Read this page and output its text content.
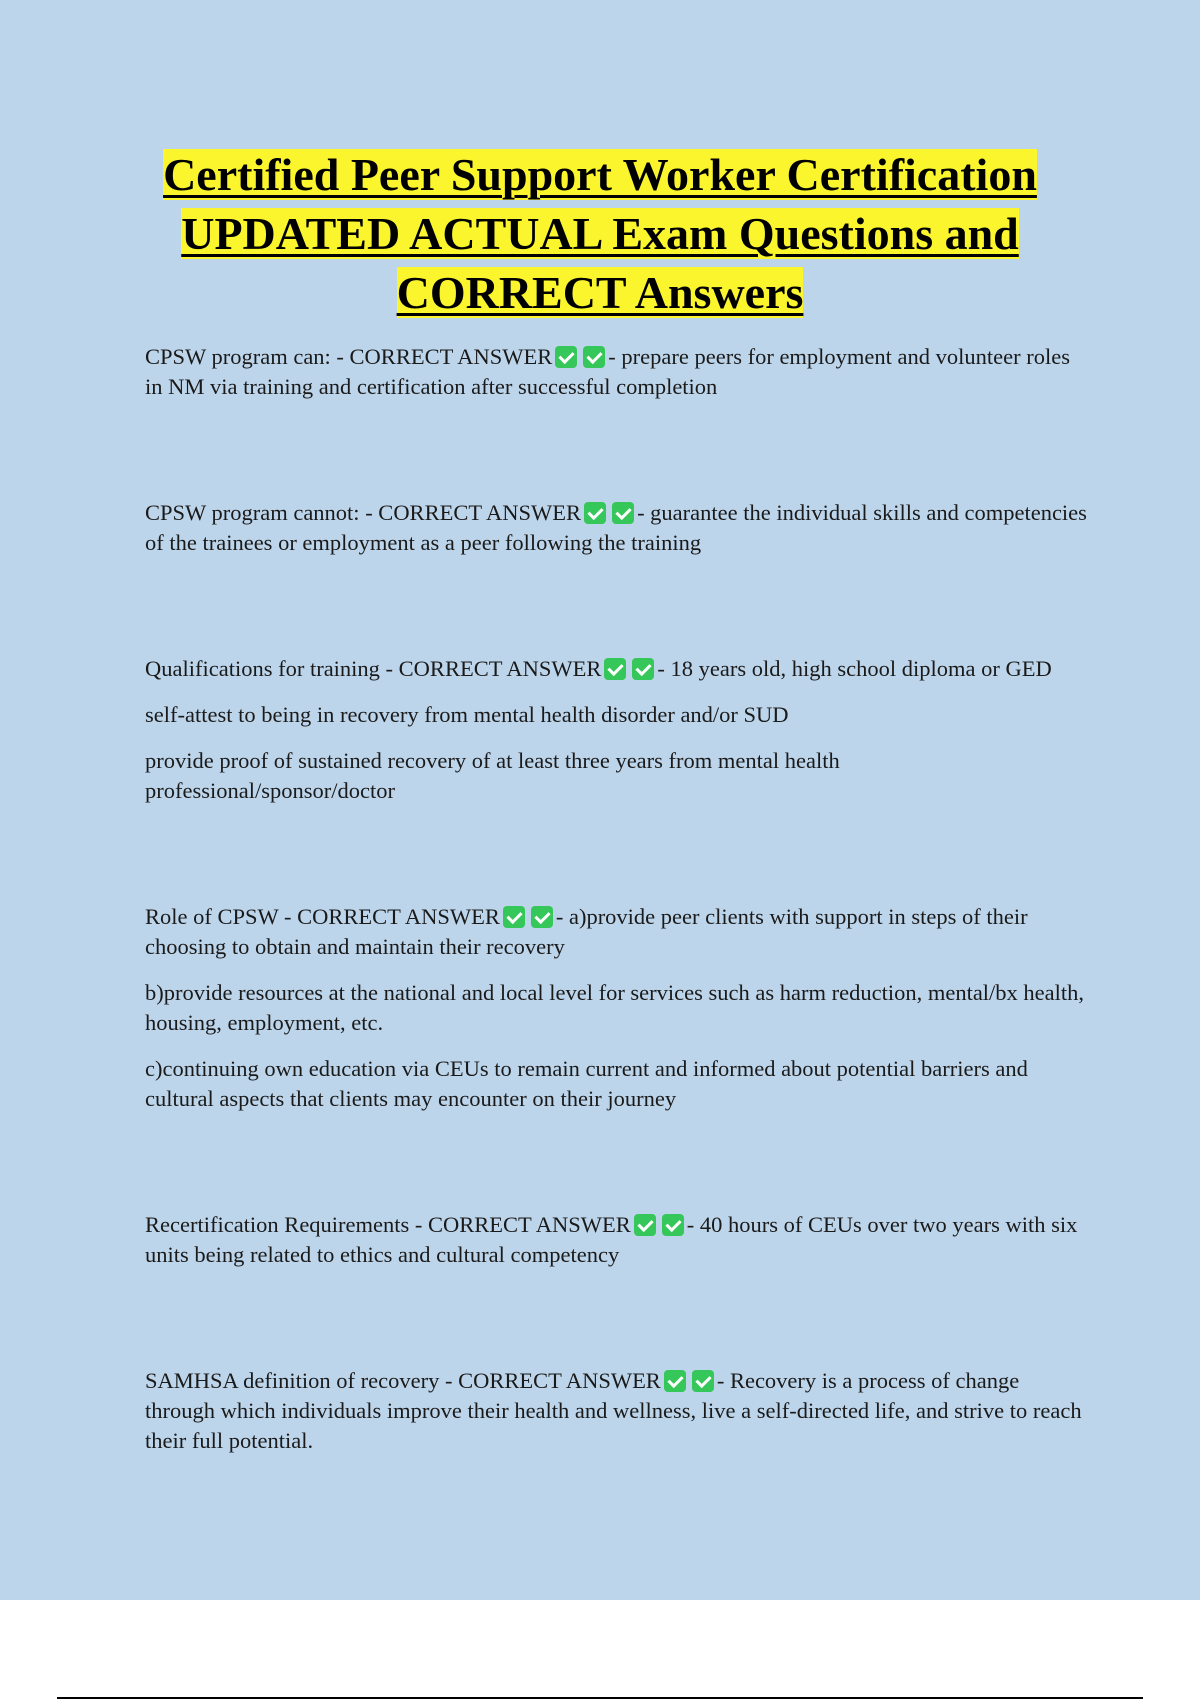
Certified Peer Support Worker Certification
UPDATED ACTUAL Exam Questions and
CORRECT Answers

CPSW program can: - CORRECT ANSWER - prepare peers for employment and volunteer roles in NM via training and certification after successful completion

CPSW program cannot: - CORRECT ANSWER - guarantee the individual skills and competencies of the trainees or employment as a peer following the training

Qualifications for training - CORRECT ANSWER - 18 years old, high school diploma or GED

self-attest to being in recovery from mental health disorder and/or SUD

provide proof of sustained recovery of at least three years from mental health professional/sponsor/doctor

Role of CPSW - CORRECT ANSWER - a)provide peer clients with support in steps of their choosing to obtain and maintain their recovery

b)provide resources at the national and local level for services such as harm reduction, mental/bx health, housing, employment, etc.

c)continuing own education via CEUs to remain current and informed about potential barriers and cultural aspects that clients may encounter on their journey

Recertification Requirements - CORRECT ANSWER - 40 hours of CEUs over two years with six units being related to ethics and cultural competency

SAMHSA definition of recovery - CORRECT ANSWER - Recovery is a process of change through which individuals improve their health and wellness, live a self-directed life, and strive to reach their full potential.
